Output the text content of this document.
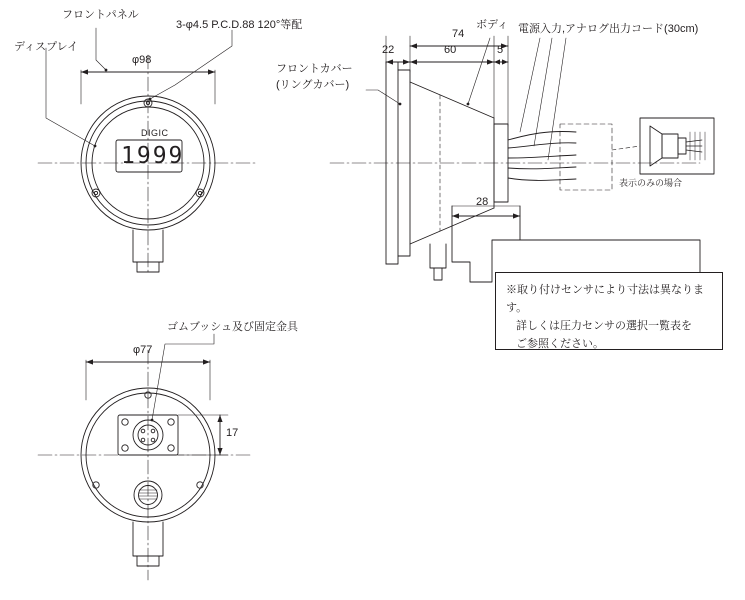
フロントパネル
ディスプレイ
3-φ4.5 P.C.D.88 120°等配	ボディ 電源入力,アナログ出力コード(30cm)
フロントカバー
(リングカバー)
表示のみの場合
ゴムブッシュ及び固定金具
DIGIC
1999
φ98
φ77
74
22	60	5
28
17
※取り付けセンサにより寸法は異なります。
詳しくは圧力センサの選択一覧表を
ご参照ください。
